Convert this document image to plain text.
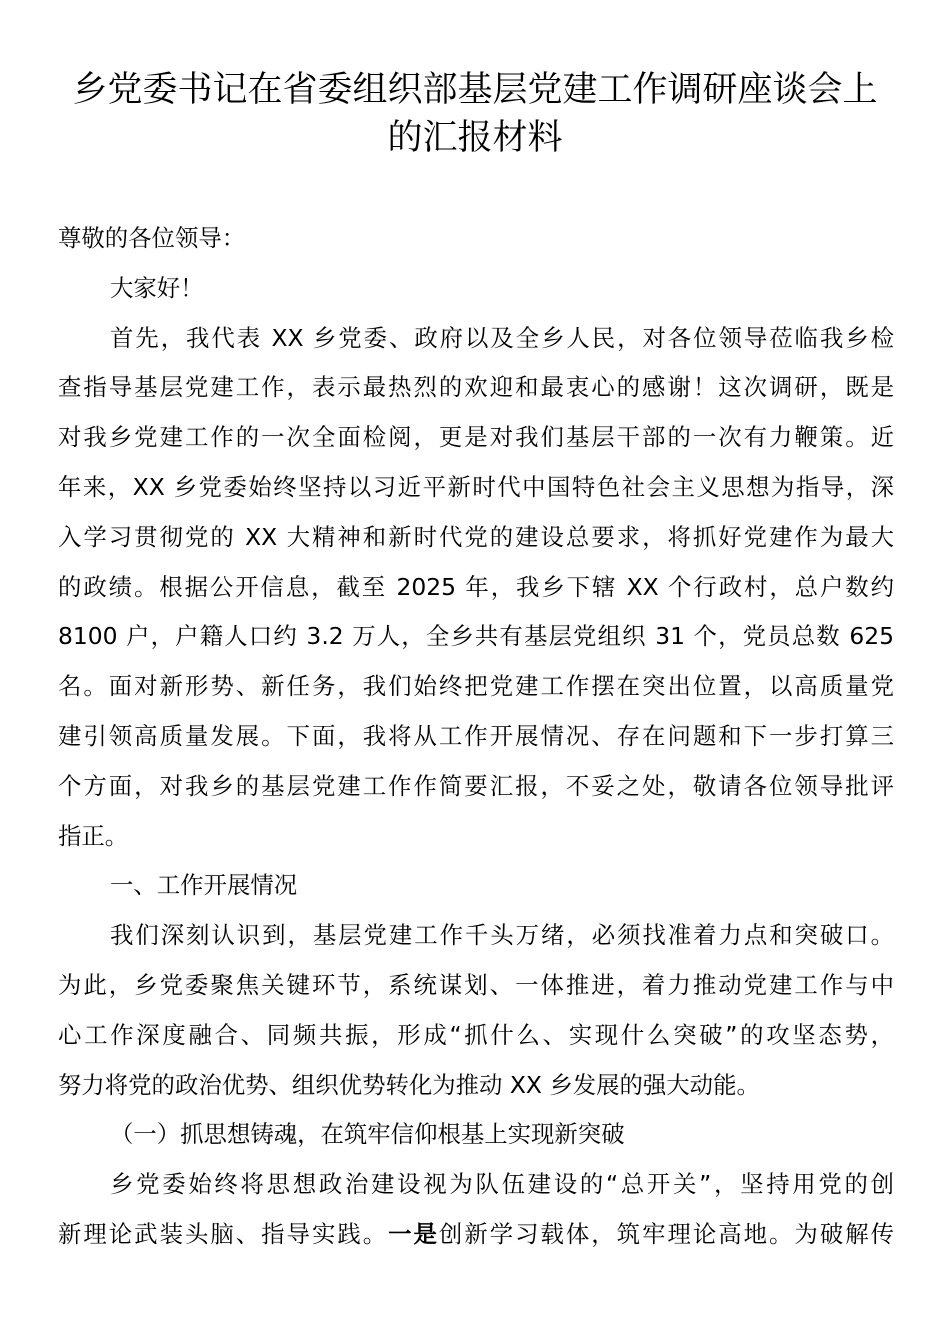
乡党委书记在省委组织部基层党建工作调研座谈会上
的汇报材料
尊敬的各位领导：
大家好！
首先，我代表 XX 乡党委、政府以及全乡人民，对各位领导莅临我乡检
查指导基层党建工作，表示最热烈的欢迎和最衷心的感谢！这次调研，既是
对我乡党建工作的一次全面检阅，更是对我们基层干部的一次有力鞭策。近
年来，XX 乡党委始终坚持以习近平新时代中国特色社会主义思想为指导，深
入学习贯彻党的 XX 大精神和新时代党的建设总要求，将抓好党建作为最大
的政绩。根据公开信息，截至 2025 年，我乡下辖 XX 个行政村，总户数约
8100 户，户籍人口约 3.2 万人，全乡共有基层党组织 31 个，党员总数 625
名。面对新形势、新任务，我们始终把党建工作摆在突出位置，以高质量党
建引领高质量发展。下面，我将从工作开展情况、存在问题和下一步打算三
个方面，对我乡的基层党建工作作简要汇报，不妥之处，敬请各位领导批评
指正。
一、工作开展情况
我们深刻认识到，基层党建工作千头万绪，必须找准着力点和突破口。
为此，乡党委聚焦关键环节，系统谋划、一体推进，着力推动党建工作与中
心工作深度融合、同频共振，形成“抓什么、实现什么突破”的攻坚态势，
努力将党的政治优势、组织优势转化为推动 XX 乡发展的强大动能。
（一）抓思想铸魂，在筑牢信仰根基上实现新突破
乡党委始终将思想政治建设视为队伍建设的“总开关”，坚持用党的创
新理论武装头脑、指导实践。一是创新学习载体，筑牢理论高地。为破解传
